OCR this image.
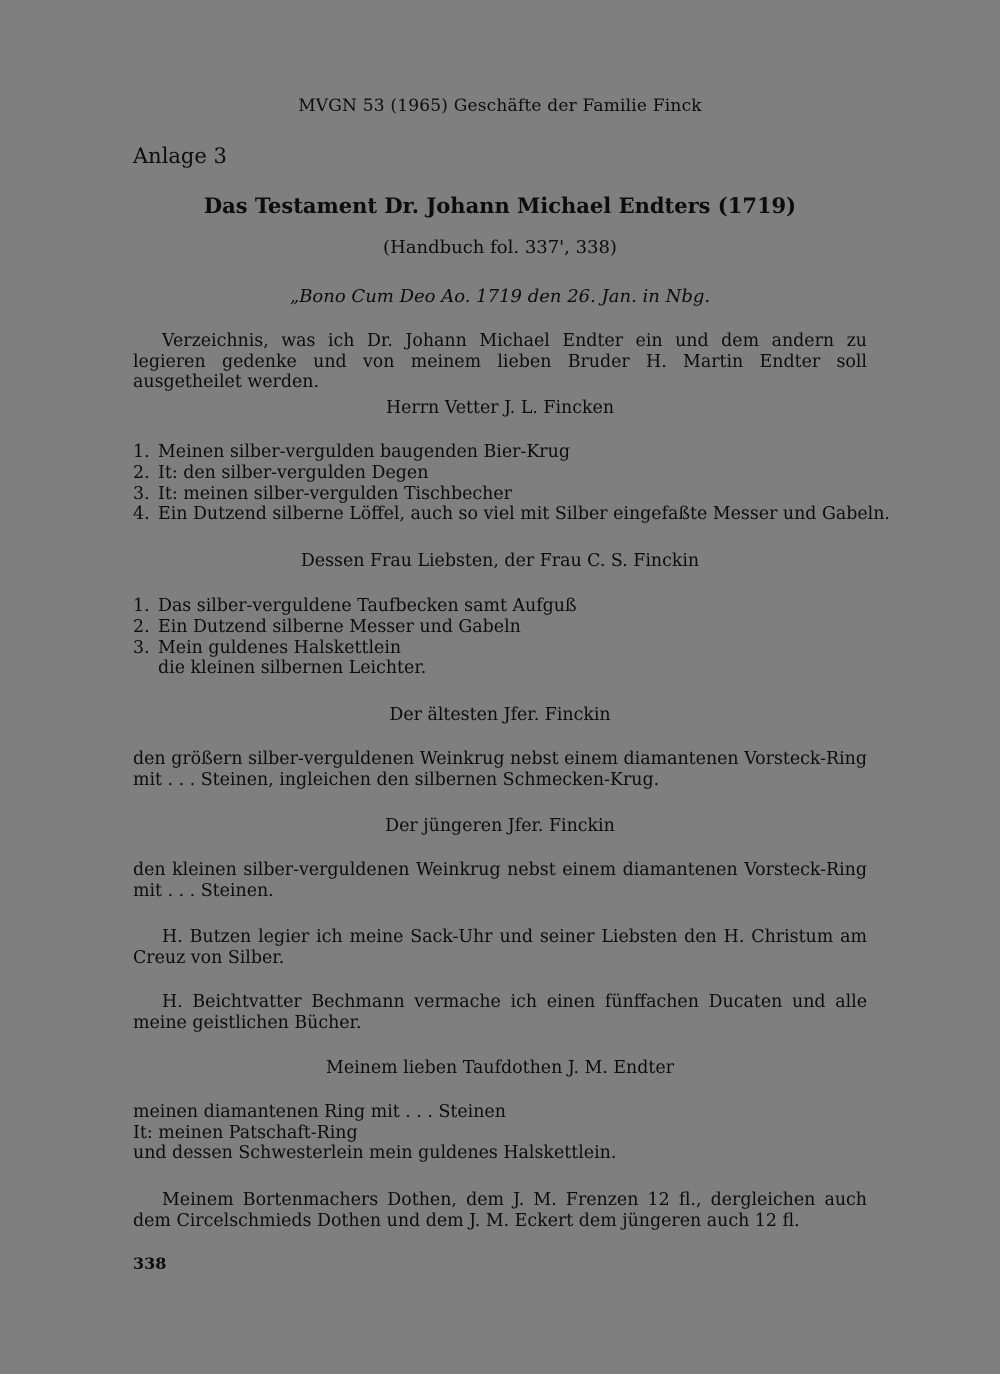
MVGN 53 (1965) Geschäfte der Familie Finck
Anlage 3
Das Testament Dr. Johann Michael Endters (1719)
(Handbuch fol. 337', 338)
„Bono Cum Deo Ao. 1719 den 26. Jan. in Nbg.
Verzeichnis, was ich Dr. Johann Michael Endter ein und dem andern zu legieren gedenke und von meinem lieben Bruder H. Martin Endter soll ausgetheilet werden.
Herrn Vetter J. L. Fincken
1. Meinen silber-vergulden baugenden Bier-Krug
2. It: den silber-vergulden Degen
3. It: meinen silber-vergulden Tischbecher
4. Ein Dutzend silberne Löffel, auch so viel mit Silber eingefaßte Messer und Gabeln.
Dessen Frau Liebsten, der Frau C. S. Finckin
1. Das silber-verguldene Taufbecken samt Aufguß
2. Ein Dutzend silberne Messer und Gabeln
3. Mein guldenes Halskettlein
die kleinen silbernen Leichter.
Der ältesten Jfer. Finckin
den größern silber-verguldenen Weinkrug nebst einem diamantenen Vorsteck-Ring mit . . . Steinen, ingleichen den silbernen Schmecken-Krug.
Der jüngeren Jfer. Finckin
den kleinen silber-verguldenen Weinkrug nebst einem diamantenen Vorsteck-Ring mit . . . Steinen.
H. Butzen legier ich meine Sack-Uhr und seiner Liebsten den H. Christum am Creuz von Silber.
H. Beichtvatter Bechmann vermache ich einen fünffachen Ducaten und alle meine geistlichen Bücher.
Meinem lieben Taufdothen J. M. Endter
meinen diamantenen Ring mit . . . Steinen
It: meinen Patschaft-Ring
und dessen Schwesterlein mein guldenes Halskettlein.
Meinem Bortenmachers Dothen, dem J. M. Frenzen 12 fl., dergleichen auch dem Circelschmieds Dothen und dem J. M. Eckert dem jüngeren auch 12 fl.
338
